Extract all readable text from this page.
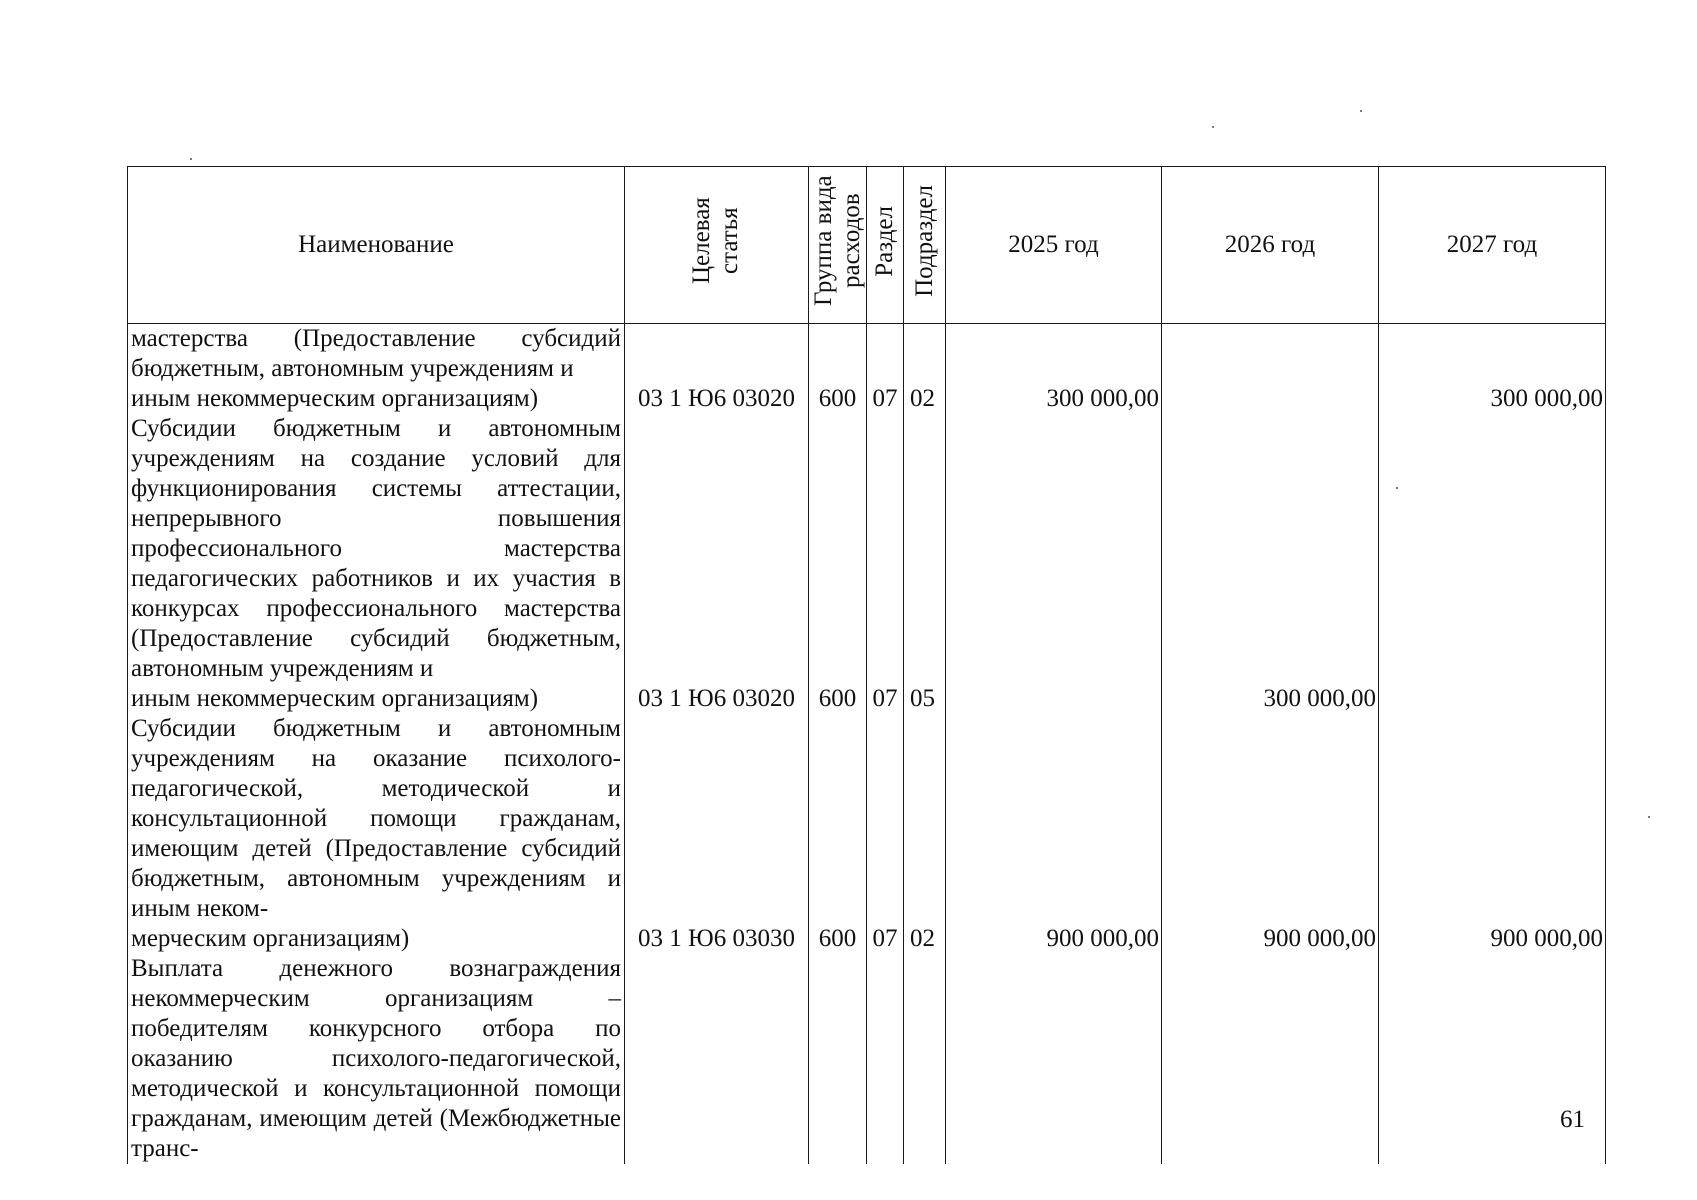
Наименование	Целевая статья	Группа вида расходов	Раздел	Подраздел	2025 год	2026 год	2027 год
мастерства (Предоставление субсидий бюджетным, автономным учреждениям и
иным некоммерческим организациям)	03 1 Ю6 03020	600	07	02	300 000,00		300 000,00
Субсидии бюджетным и автономным учреждениям на создание условий для функционирования системы аттестации, непрерывного повышения профессионального мастерства педагогических работников и их участия в конкурсах профессионального мастерства (Предоставление субсидий бюджетным, автономным учреждениям и
иным некоммерческим организациям)	03 1 Ю6 03020	600	07	05		300 000,00	
Субсидии бюджетным и автономным учреждениям на оказание психолого-педагогической, методической и консультационной помощи гражданам, имеющим детей (Предоставление субсидий бюджетным, автономным учреждениям и иным неком-
мерческим организациям)	03 1 Ю6 03030	600	07	02	900 000,00	900 000,00	900 000,00

Выплата денежного вознаграждения некоммерческим организациям – победителям конкурсного отбора по оказанию психолого-педагогической, методической и консультационной помощи гражданам, имеющим детей (Межбюджетные транс-							

61
